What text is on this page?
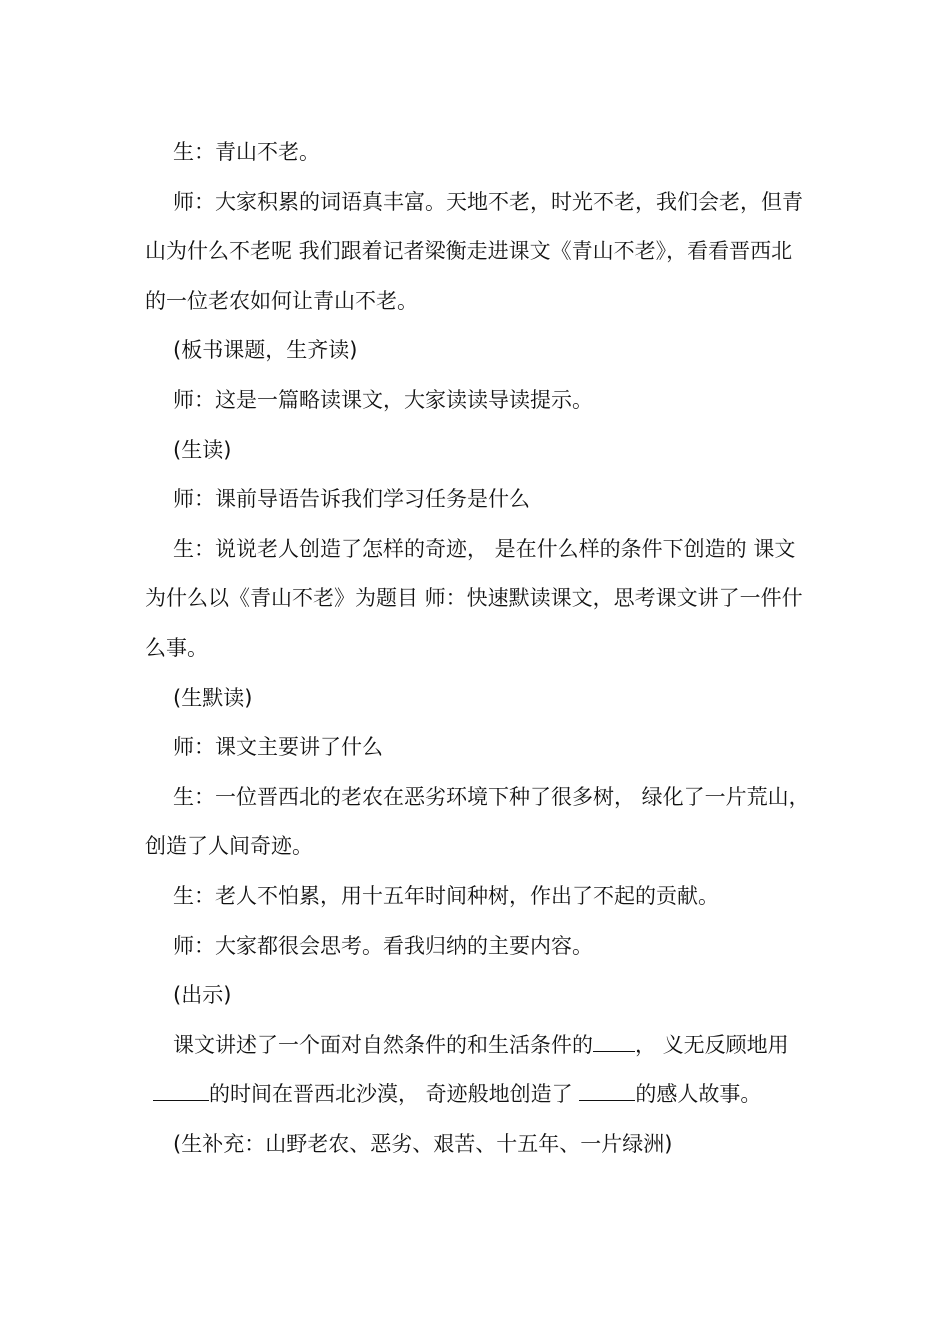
生：青山不老。

师：大家积累的词语真丰富。天地不老，时光不老，我们会老，但青山为什么不老呢 我们跟着记者梁衡走进课文《青山不老》，看看晋西北的一位老农如何让青山不老。

(板书课题，生齐读)

师：这是一篇略读课文，大家读读导读提示。

(生读)

师：课前导语告诉我们学习任务是什么

生：说说老人创造了怎样的奇迹， 是在什么样的条件下创造的 课文为什么以《青山不老》为题目 师：快速默读课文，思考课文讲了一件什么事。

(生默读)

师：课文主要讲了什么

生：一位晋西北的老农在恶劣环境下种了很多树， 绿化了一片荒山，创造了人间奇迹。

生：老人不怕累，用十五年时间种树，作出了不起的贡献。

师：大家都很会思考。看我归纳的主要内容。

(出示)

课文讲述了一个面对自然条件的和生活条件的 ， 义无反顾地用 的时间在晋西北沙漠， 奇迹般地创造了	的感人故事。

(生补充：山野老农、恶劣、艰苦、十五年、一片绿洲)
